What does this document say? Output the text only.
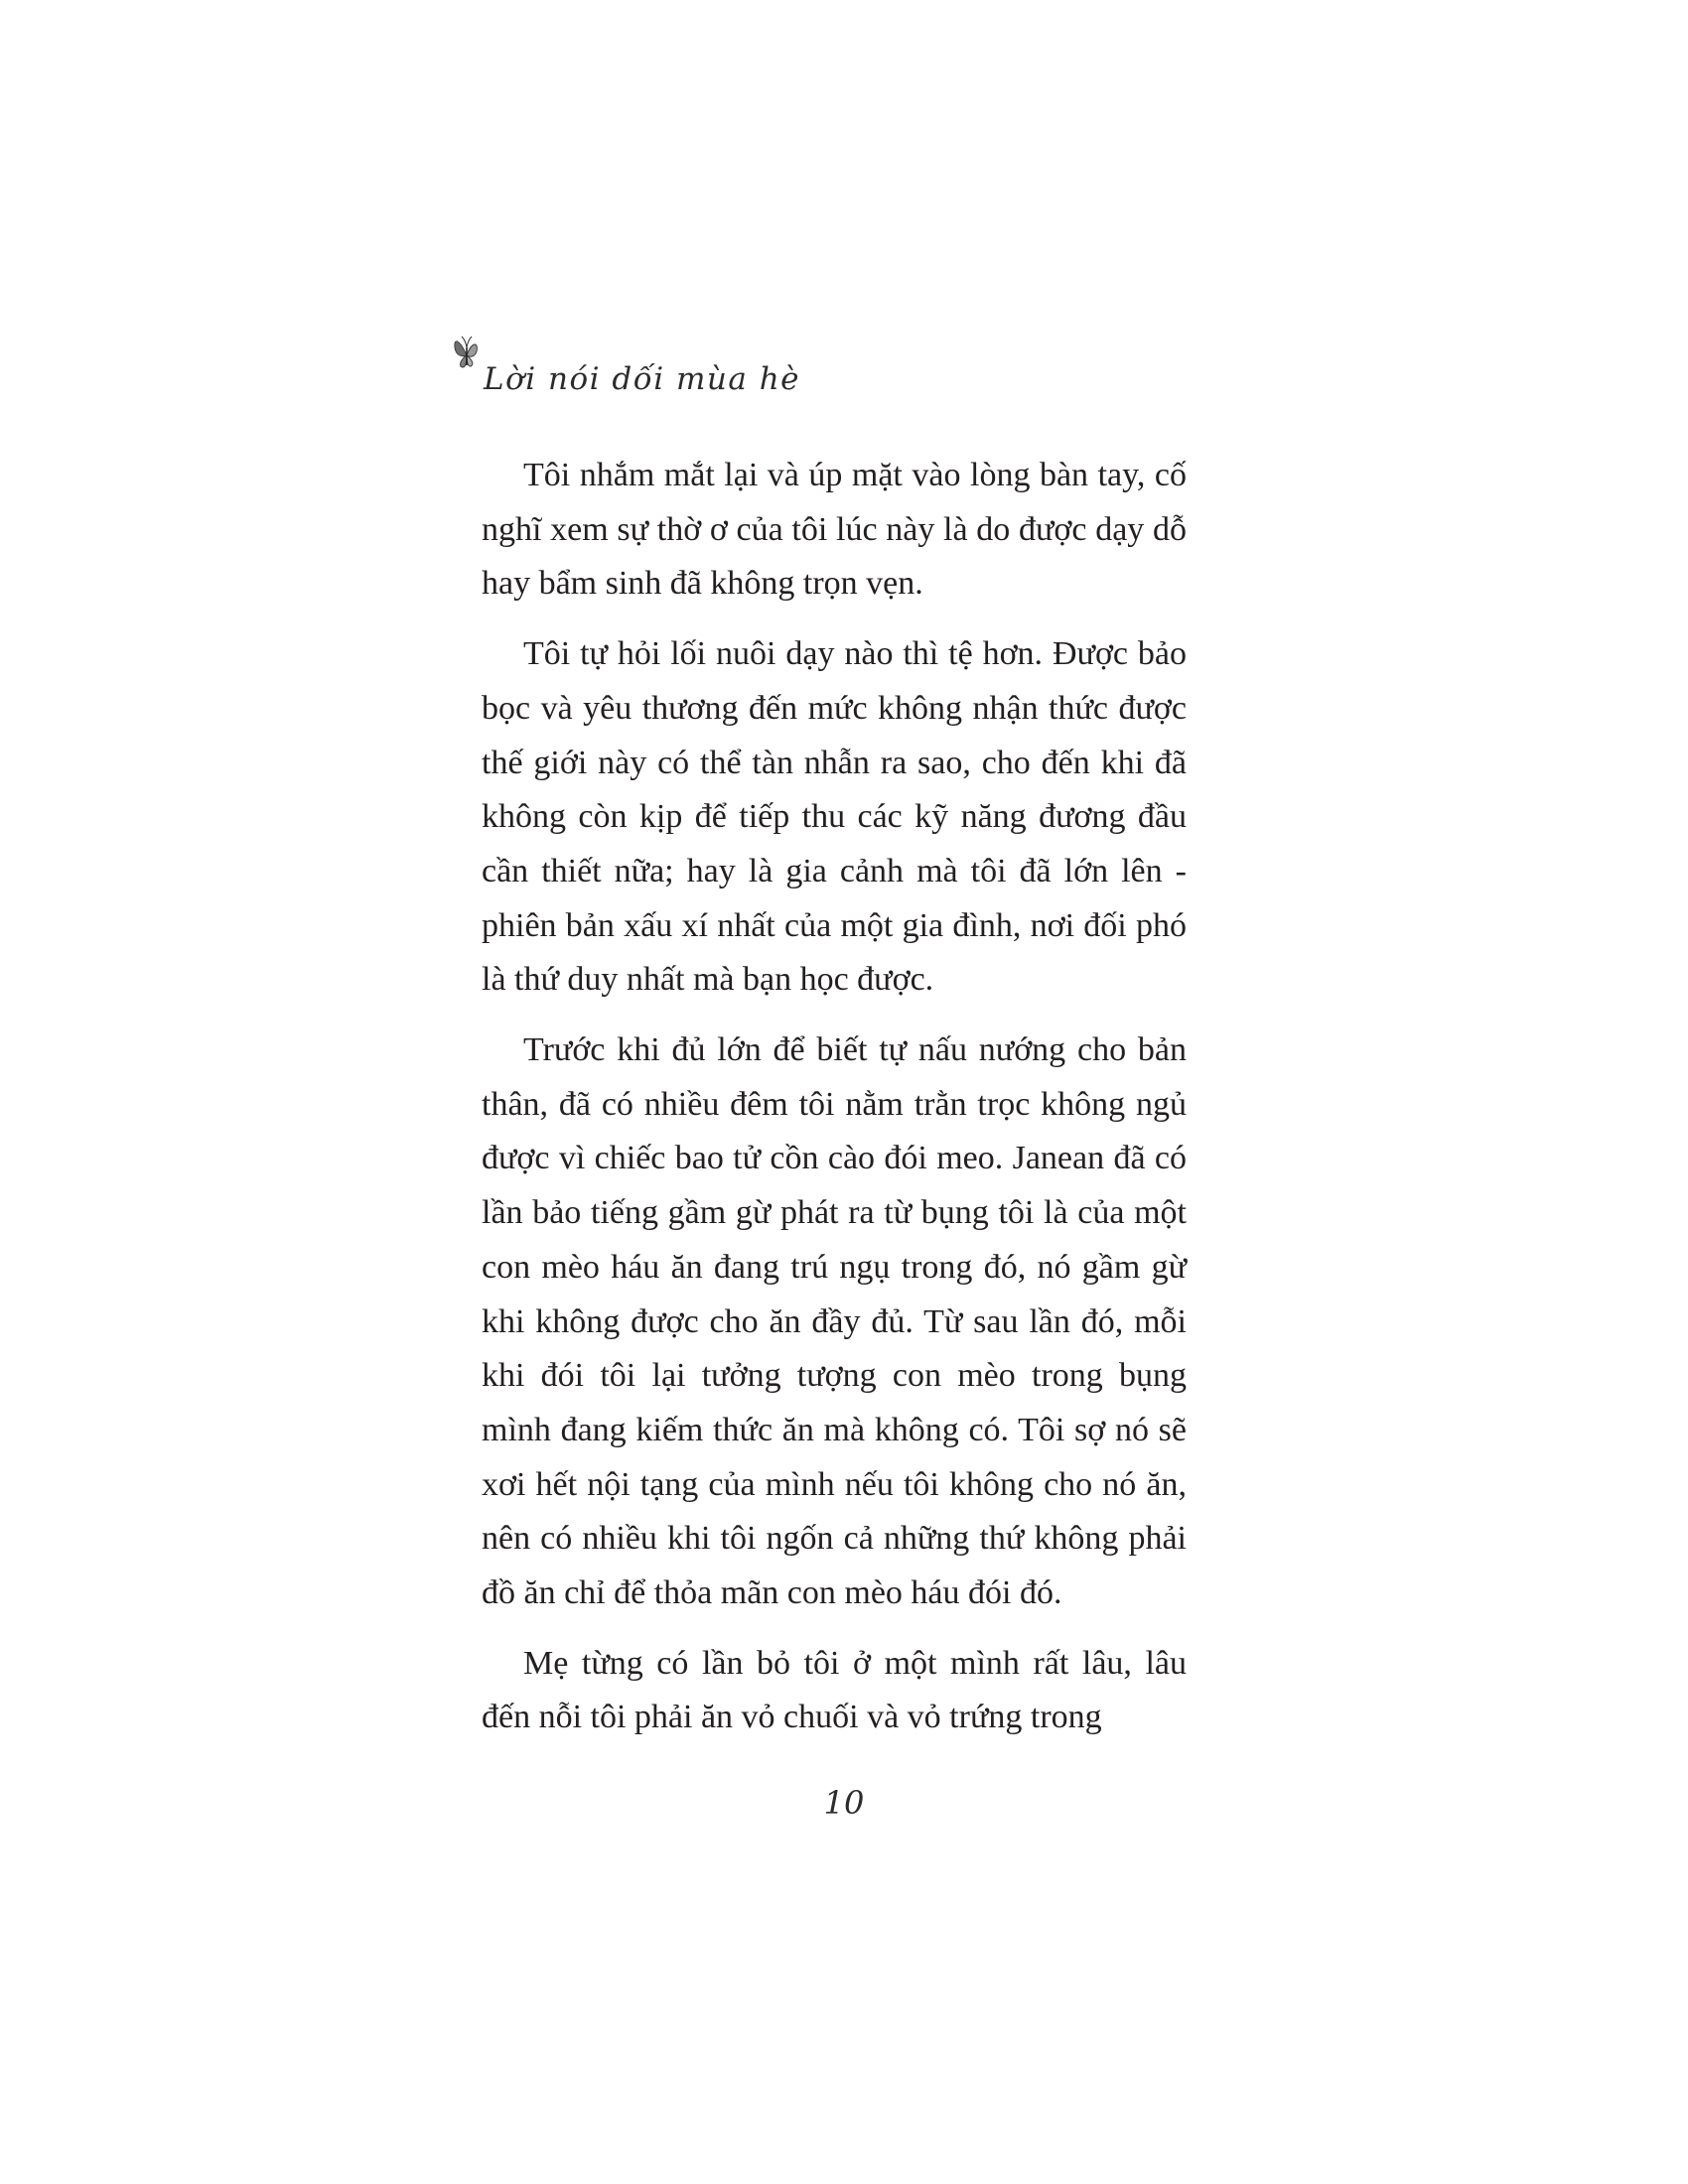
Lời nói dối mùa hè

Tôi nhắm mắt lại và úp mặt vào lòng bàn tay, cố nghĩ xem sự thờ ơ của tôi lúc này là do được dạy dỗ hay bẩm sinh đã không trọn vẹn.

Tôi tự hỏi lối nuôi dạy nào thì tệ hơn. Được bảo bọc và yêu thương đến mức không nhận thức được thế giới này có thể tàn nhẫn ra sao, cho đến khi đã không còn kịp để tiếp thu các kỹ năng đương đầu cần thiết nữa; hay là gia cảnh mà tôi đã lớn lên - phiên bản xấu xí nhất của một gia đình, nơi đối phó là thứ duy nhất mà bạn học được.

Trước khi đủ lớn để biết tự nấu nướng cho bản thân, đã có nhiều đêm tôi nằm trằn trọc không ngủ được vì chiếc bao tử cồn cào đói meo. Janean đã có lần bảo tiếng gầm gừ phát ra từ bụng tôi là của một con mèo háu ăn đang trú ngụ trong đó, nó gầm gừ khi không được cho ăn đầy đủ. Từ sau lần đó, mỗi khi đói tôi lại tưởng tượng con mèo trong bụng mình đang kiếm thức ăn mà không có. Tôi sợ nó sẽ xơi hết nội tạng của mình nếu tôi không cho nó ăn, nên có nhiều khi tôi ngốn cả những thứ không phải đồ ăn chỉ để thỏa mãn con mèo háu đói đó.

Mẹ từng có lần bỏ tôi ở một mình rất lâu, lâu đến nỗi tôi phải ăn vỏ chuối và vỏ trứng trong

10
